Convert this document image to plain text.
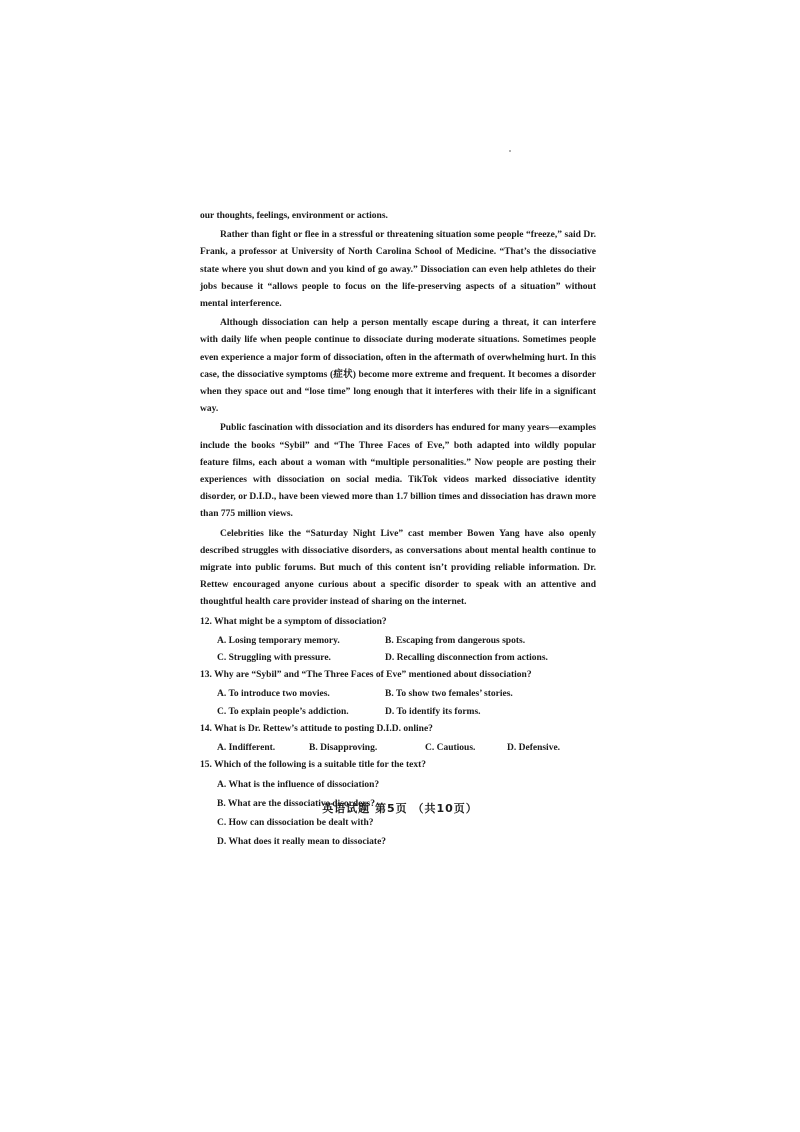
our thoughts, feelings, environment or actions.

Rather than fight or flee in a stressful or threatening situation some people “freeze,” said Dr. Frank, a professor at University of North Carolina School of Medicine. “That’s the dissociative state where you shut down and you kind of go away.” Dissociation can even help athletes do their jobs because it “allows people to focus on the life-preserving aspects of a situation” without mental interference.

Although dissociation can help a person mentally escape during a threat, it can interfere with daily life when people continue to dissociate during moderate situations. Sometimes people even experience a major form of dissociation, often in the aftermath of overwhelming hurt. In this case, the dissociative symptoms (症状) become more extreme and frequent. It becomes a disorder when they space out and “lose time” long enough that it interferes with their life in a significant way.

Public fascination with dissociation and its disorders has endured for many years—examples include the books “Sybil” and “The Three Faces of Eve,” both adapted into wildly popular feature films, each about a woman with “multiple personalities.” Now people are posting their experiences with dissociation on social media. TikTok videos marked dissociative identity disorder, or D.I.D., have been viewed more than 1.7 billion times and dissociation has drawn more than 775 million views.

Celebrities like the “Saturday Night Live” cast member Bowen Yang have also openly described struggles with dissociative disorders, as conversations about mental health continue to migrate into public forums. But much of this content isn’t providing reliable information. Dr. Rettew encouraged anyone curious about a specific disorder to speak with an attentive and thoughtful health care provider instead of sharing on the internet.

12. What might be a symptom of dissociation?

A. Losing temporary memory.	B. Escaping from dangerous spots.
C. Struggling with pressure.	D. Recalling disconnection from actions.

13. Why are “Sybil” and “The Three Faces of Eve” mentioned about dissociation?

A. To introduce two movies.	B. To show two females’ stories.
C. To explain people’s addiction.	D. To identify its forms.

14. What is Dr. Rettew’s attitude to posting D.I.D. online?

A. Indifferent.	B. Disapproving.	C. Cautious.	D. Defensive.

15. Which of the following is a suitable title for the text?

A. What is the influence of dissociation?

B. What are the dissociative disorders?

C. How can dissociation be dealt with?

D. What does it really mean to dissociate?

英语试题 第5页 （共10页）
